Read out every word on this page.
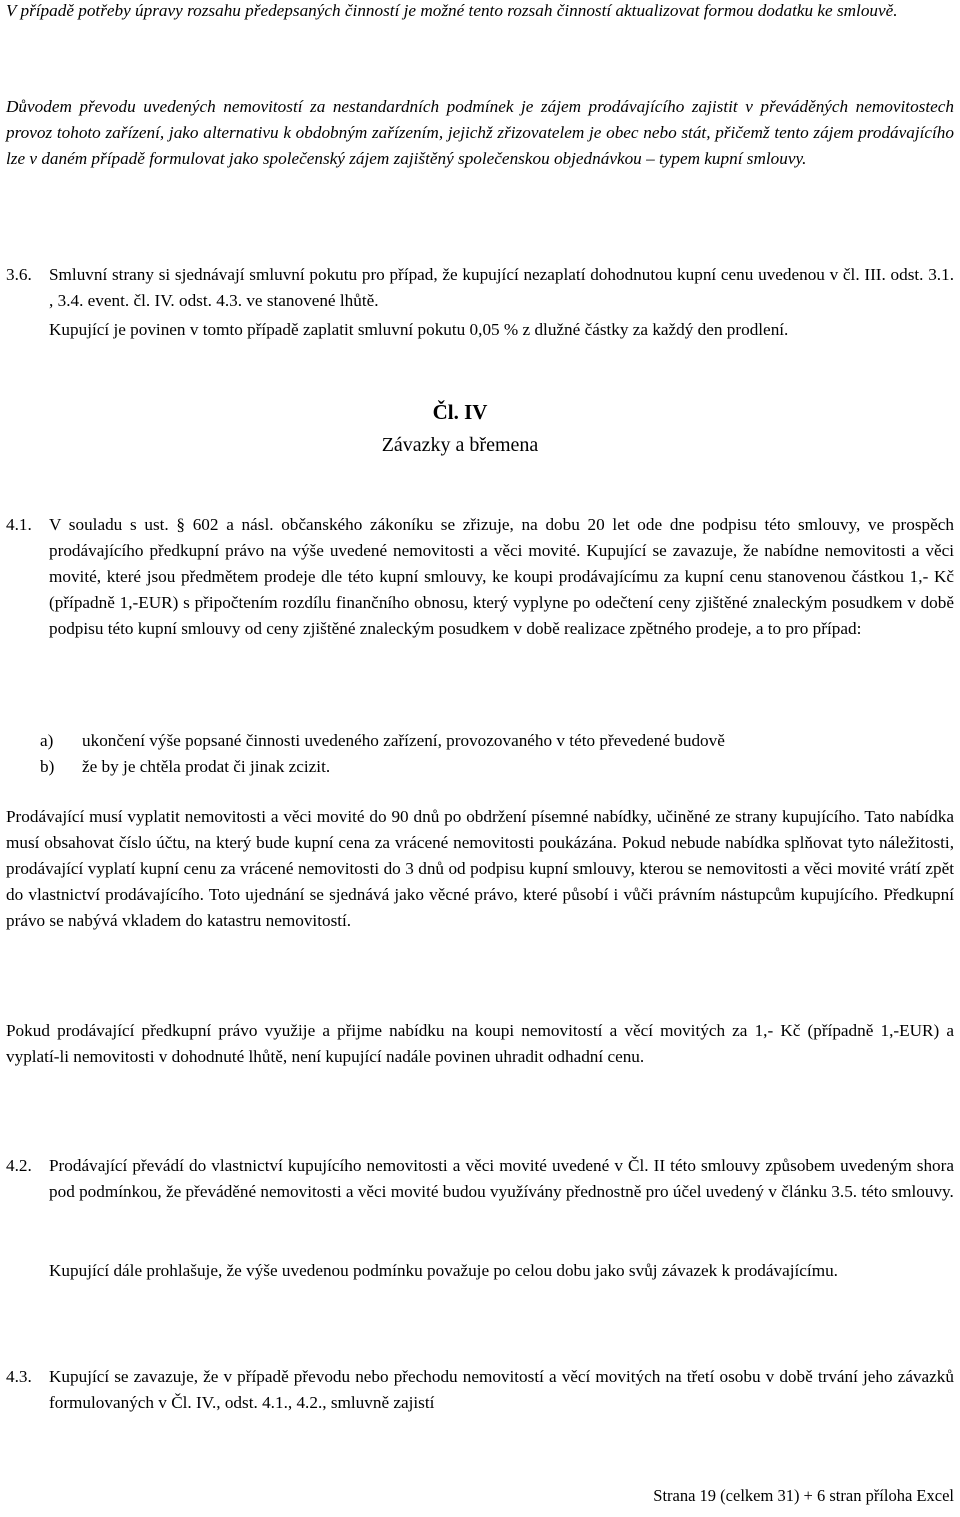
V případě potřeby úpravy rozsahu předepsaných činností je možné tento rozsah činností aktualizovat formou dodatku ke smlouvě.
Důvodem převodu uvedených nemovitostí za nestandardních podmínek je zájem prodávajícího zajistit v převáděných nemovitostech provoz tohoto zařízení, jako alternativu k obdobným zařízením, jejichž zřizovatelem je obec nebo stát, přičemž tento zájem prodávajícího lze v daném případě formulovat jako společenský zájem zajištěný společenskou objednávkou – typem kupní smlouvy.
3.6. Smluvní strany si sjednávají smluvní pokutu pro případ, že kupující nezaplatí dohodnutou kupní cenu uvedenou v čl. III. odst. 3.1. , 3.4. event. čl. IV. odst. 4.3. ve stanovené lhůtě.
Kupující je povinen v tomto případě zaplatit smluvní pokutu 0,05 % z dlužné částky za každý den prodlení.
Čl. IV
Závazky a břemena
4.1. V souladu s ust. § 602 a násl. občanského zákoníku se zřizuje, na dobu 20 let ode dne podpisu této smlouvy, ve prospěch prodávajícího předkupní právo na výše uvedené nemovitosti a věci movité. Kupující se zavazuje, že nabídne nemovitosti a věci movité, které jsou předmětem prodeje dle této kupní smlouvy, ke koupi prodávajícímu za kupní cenu stanovenou částkou 1,- Kč (případně 1,-EUR) s připočtením rozdílu finančního obnosu, který vyplyne po odečtení ceny zjištěné znaleckým posudkem v době podpisu této kupní smlouvy od ceny zjištěné znaleckým posudkem v době realizace zpětného prodeje, a to pro případ:
a) ukončení výše popsané činnosti uvedeného zařízení, provozovaného v této převedené budově
b) že by je chtěla prodat či jinak zcizit.
Prodávající musí vyplatit nemovitosti a věci movité do 90 dnů po obdržení písemné nabídky, učiněné ze strany kupujícího. Tato nabídka musí obsahovat číslo účtu, na který bude kupní cena za vrácené nemovitosti poukázána. Pokud nebude nabídka splňovat tyto náležitosti, prodávající vyplatí kupní cenu za vrácené nemovitosti do 3 dnů od podpisu kupní smlouvy, kterou se nemovitosti a věci movité vrátí zpět do vlastnictví prodávajícího. Toto ujednání se sjednává jako věcné právo, které působí i vůči právním nástupcům kupujícího. Předkupní právo se nabývá vkladem do katastru nemovitostí.
Pokud prodávající předkupní právo využije a přijme nabídku na koupi nemovitostí a věcí movitých za 1,- Kč (případně 1,-EUR) a vyplatí-li nemovitosti v dohodnuté lhůtě, není kupující nadále povinen uhradit odhadní cenu.
4.2. Prodávající převádí do vlastnictví kupujícího nemovitosti a věci movité uvedené v Čl. II této smlouvy způsobem uvedeným shora pod podmínkou, že převáděné nemovitosti a věci movité budou využívány přednostně pro účel uvedený v článku 3.5. této smlouvy.
Kupující dále prohlašuje, že výše uvedenou podmínku považuje po celou dobu jako svůj závazek k prodávajícímu.
4.3. Kupující se zavazuje, že v případě převodu nebo přechodu nemovitostí a věcí movitých na třetí osobu v době trvání jeho závazků formulovaných v Čl. IV., odst. 4.1., 4.2., smluvně zajistí
Strana 19 (celkem 31) + 6 stran příloha Excel
